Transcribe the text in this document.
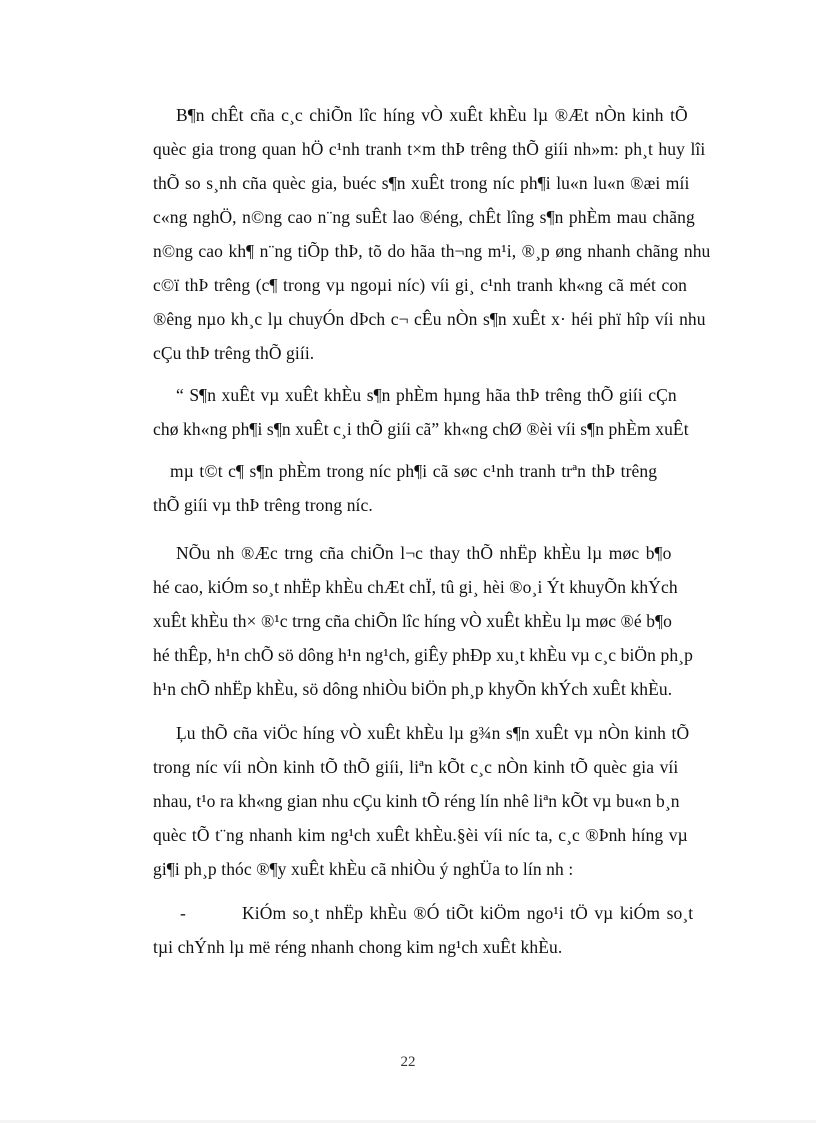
B¶n chÊt cña c¸c chiÕn lîc híng vÒ xuÊt khÈu lµ ®Æt nÒn kinh tÕ
quèc gia trong quan hÖ c¹nh tranh t×m thÞ trêng thÕ giíi nh»m: ph¸t huy lîi
thÕ so s¸nh cña quèc gia, buéc s¶n xuÊt trong níc ph¶i lu«n lu«n ®æi míi
c«ng nghÖ, n©ng cao n¨ng suÊt lao ®éng, chÊt lîng s¶n phÈm mau chãng
n©ng cao kh¶ n¨ng tiÕp thÞ, tõ do hãa th¬ng m¹i, ®¸p øng nhanh chãng nhu
c©ï thÞ trêng (c¶ trong vµ ngoµi níc) víi gi¸ c¹nh tranh kh«ng cã mét con
®êng nµo kh¸c lµ chuyÓn dÞch c¬ cÊu nÒn s¶n xuÊt x· héi phï hîp víi nhu
cÇu thÞ trêng thÕ giíi.
“ S¶n xuÊt vµ xuÊt khÈu s¶n phÈm hµng hãa thÞ trêng thÕ giíi cÇn
chø kh«ng ph¶i s¶n xuÊt c¸i thÕ giíi cã” kh«ng chØ ®èi víi s¶n phÈm xuÊt
mµ t©t c¶ s¶n phÈm trong níc ph¶i cã søc c¹nh tranh trªn thÞ trêng
thÕ giíi vµ thÞ trêng trong níc.
NÕu nh ®Æc trng cña chiÕn l¬c thay thÕ nhËp khÈu lµ møc b¶o
hé cao, kiÓm so¸t nhËp khÈu chÆt chÏ, tû gi¸ hèi ®o¸i Ýt khuyÕn khÝch
xuÊt khÈu th× ®¹c trng cña chiÕn lîc híng vÒ xuÊt khÈu lµ møc ®é b¶o
hé thÊp, h¹n chÕ sö dông h¹n ng¹ch, giÊy phÐp xu¸t khÈu vµ c¸c biÖn ph¸p
h¹n chÕ nhËp khÈu, sö dông nhiÒu biÖn ph¸p khyÕn khÝch xuÊt khÈu.
Ļu thÕ cña viÖc híng vÒ xuÊt khÈu lµ g¾n s¶n xuÊt vµ nÒn kinh tÕ
trong níc víi nÒn kinh tÕ thÕ giíi, liªn kÕt c¸c nÒn kinh tÕ quèc gia víi
nhau, t¹o ra kh«ng gian nhu cÇu kinh tÕ réng lín nhê liªn kÕt vµ bu«n b¸n
quèc tÕ t¨ng nhanh kim ng¹ch xuÊt khÈu.§èi víi níc ta, c¸c ®Þnh híng vµ
gi¶i ph¸p thóc ®¶y xuÊt khÈu cã nhiÒu ý nghÜa to lín nh :
-	KiÓm so¸t nhËp khÈu ®Ó tiÕt kiÖm ngo¹i tÖ vµ kiÓm so¸t
tµi chÝnh lµ më réng nhanh chong kim ng¹ch xuÊt khÈu.
22
